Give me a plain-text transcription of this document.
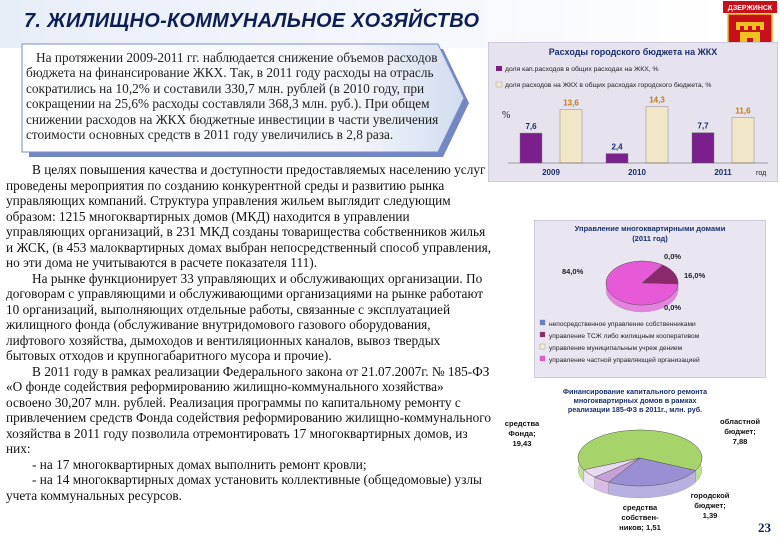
7. ЖИЛИЩНО-КОММУНАЛЬНОЕ ХОЗЯЙСТВО
ДЗЕРЖИНСК

На протяжении 2009-2011 гг. наблюдается снижение объемов расходов бюджета на финансирование ЖКХ. Так, в 2011 году расходы на отрасль сократились на 10,2% и составили 330,7 млн. рублей (в 2010 году, при сокращении на 25,6% расходы составляли 368,3 млн. руб.). При общем снижении расходов на ЖКХ бюджетные инвестиции в части увеличения стоимости основных средств в 2011 году увеличились в 2,8 раза.

В целях повышения качества и доступности предоставляемых населению услуг проведены мероприятия по созданию конкурентной среды и развитию рынка управляющих компаний. Структура управления жильем выглядит следующим образом: 1215 многоквартирных домов (МКД) находится в управлении управляющих организаций, в 231 МКД созданы товарищества собственников жилья и ЖСК, (в 453 малоквартирных домах выбран непосредственный способ управления, но эти дома не учитываются в расчете показателя 111).

На рынке функционирует 33 управляющих и обслуживающих организации. По договорам с управляющими и обслуживающими организациями на рынке работают 10 организаций, выполняющих отдельные работы, связанные с эксплуатацией жилищного фонда (обслуживание внутридомового газового оборудования, лифтового хозяйства, дымоходов и вентиляционных каналов, вывоз твердых бытовых отходов и крупногабаритного мусора и прочие).

В 2011 году в рамках реализации Федерального закона от 21.07.2007г. № 185-ФЗ «О фонде содействия реформированию жилищно-коммунального хозяйства» освоено 30,207 млн. рублей. Реализация программы по капитальному ремонту с привлечением средств Фонда содействия реформированию жилищно-коммунального хозяйства в 2011 году позволила отремонтировать 17 многоквартирных домов, из них:

- на 17 многоквартирных домах выполнить ремонт кровли;

- на 14 многоквартирных домах установить коллективные (общедомовые) узлы учета коммунальных ресурсов.

Расходы городского бюджета на ЖКХ
доля кап.расходов в общих расходах на ЖКХ, %
доля расходов на ЖКХ в общих расходах городского бюджета, %
%
7,6
13,6
2009
2,4
14,3
2010
7,7
11,6
2011	год
Управление многоквартирными домами
(2011 год)
0,0%
16,0%
0,0%
84,0%
непосредственное управление собственниками
управление ТСЖ либо жилищным кооперативом
управление муниципальным учреж дением
управление частной управляющей организацией
Финансирование капитального ремонта
многоквартирных домов в рамках
реализации 185-ФЗ в 2011г., млн. руб.
средства
Фонда;
19,43
областной
бюджет;
7,88
городской
бюджет;
1,39
средства
собствен-
ников; 1,51	23
